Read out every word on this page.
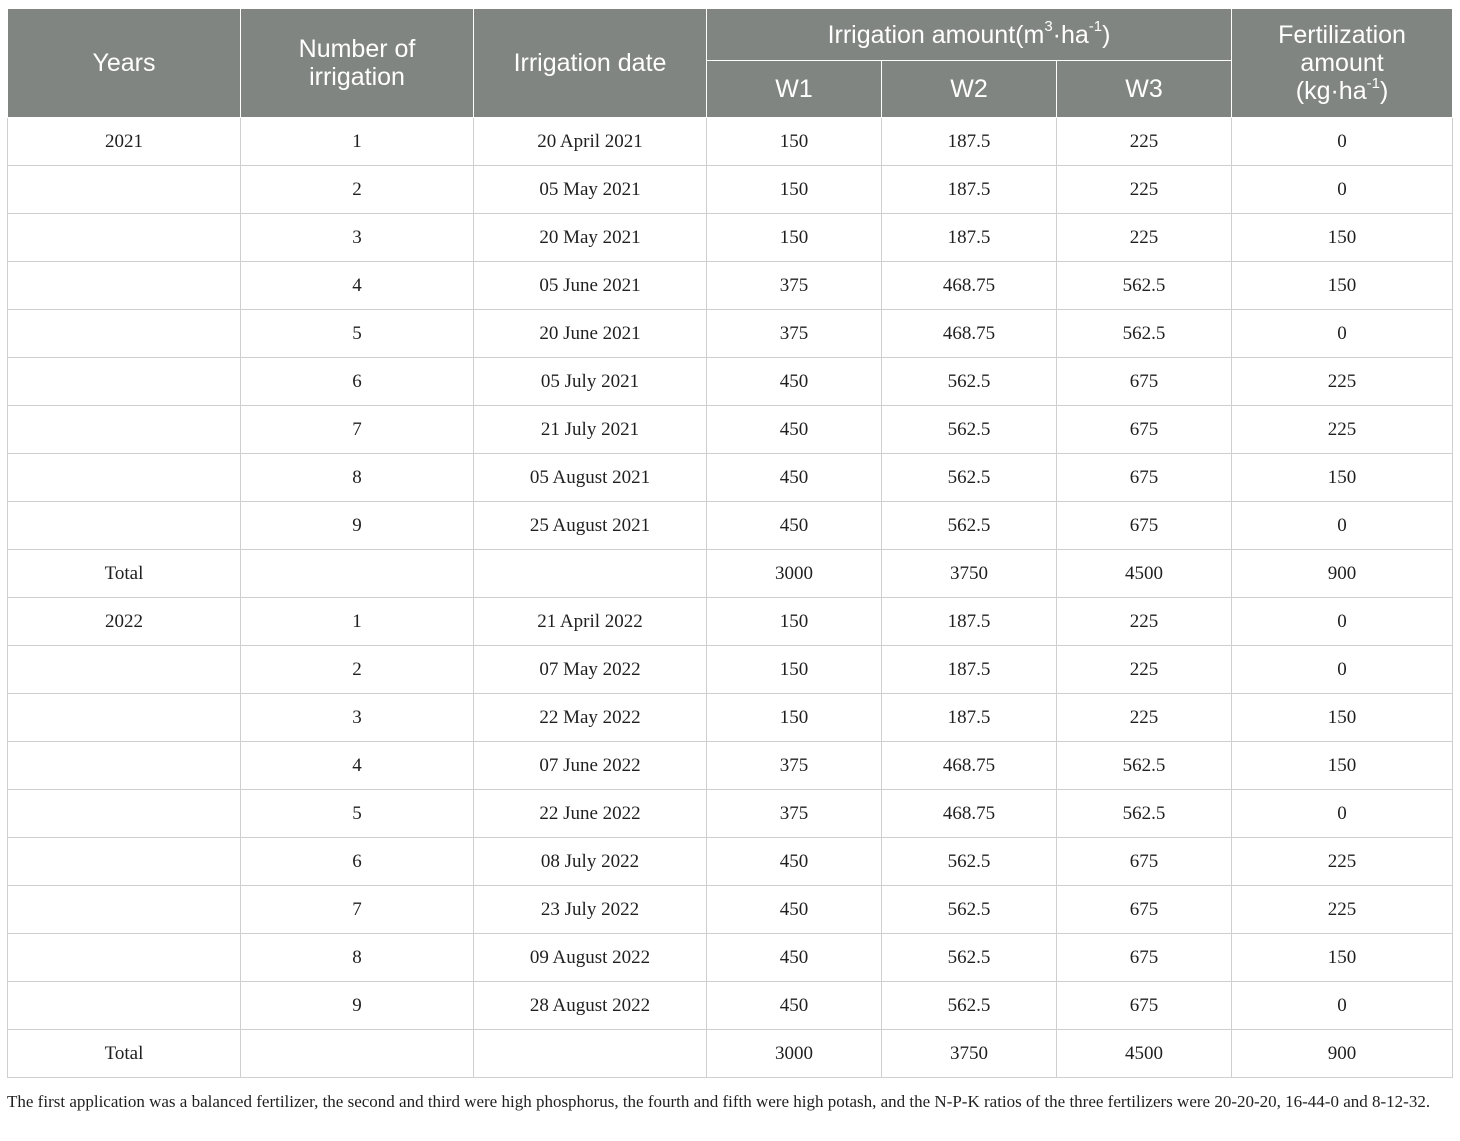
Years	Number of irrigation	Irrigation date	Irrigation $amount(m^3\cdot ha^{-1})$			Fertilization amount
$(kg\cdot ha^{-1})$
			W1	W2	W3	
2021	1	20 April 2021	150	187.5	225	0
	2	05 May 2021	150	187.5	225	0
	3	20 May 2021	150	187.5	225	150
	4	05 June 2021	375	468.75	562.5	150
	5	20 June 2021	375	468.75	562.5	0
	6	05 July 2021	450	562.5	675	225
	7	21 July 2021	450	562.5	675	225
	8	05 August 2021	450	562.5	675	150
	9	25 August 2021	450	562.5	675	0
Total			3000	3750	4500	900
2022	1	21 April 2022	150	187.5	225	0
	2	07 May 2022	150	187.5	225	0
	3	22 May 2022	150	187.5	225	150
	4	07 June 2022	375	468.75	562.5	150
	5	22 June 2022	375	468.75	562.5	0
	6	08 July 2022	450	562.5	675	225
	7	23 July 2022	450	562.5	675	225
	8	09 August 2022	450	562.5	675	150
	9	28 August 2022	450	562.5	675	0
Total			3000	3750	4500	900
The first application was a balanced fertilizer, the second and third were high phosphorus, the fourth and fifth were high potash, and the N-P-K ratios of the three fertilizers were 20-20-20, 16-44-0 and 8-12-32.
